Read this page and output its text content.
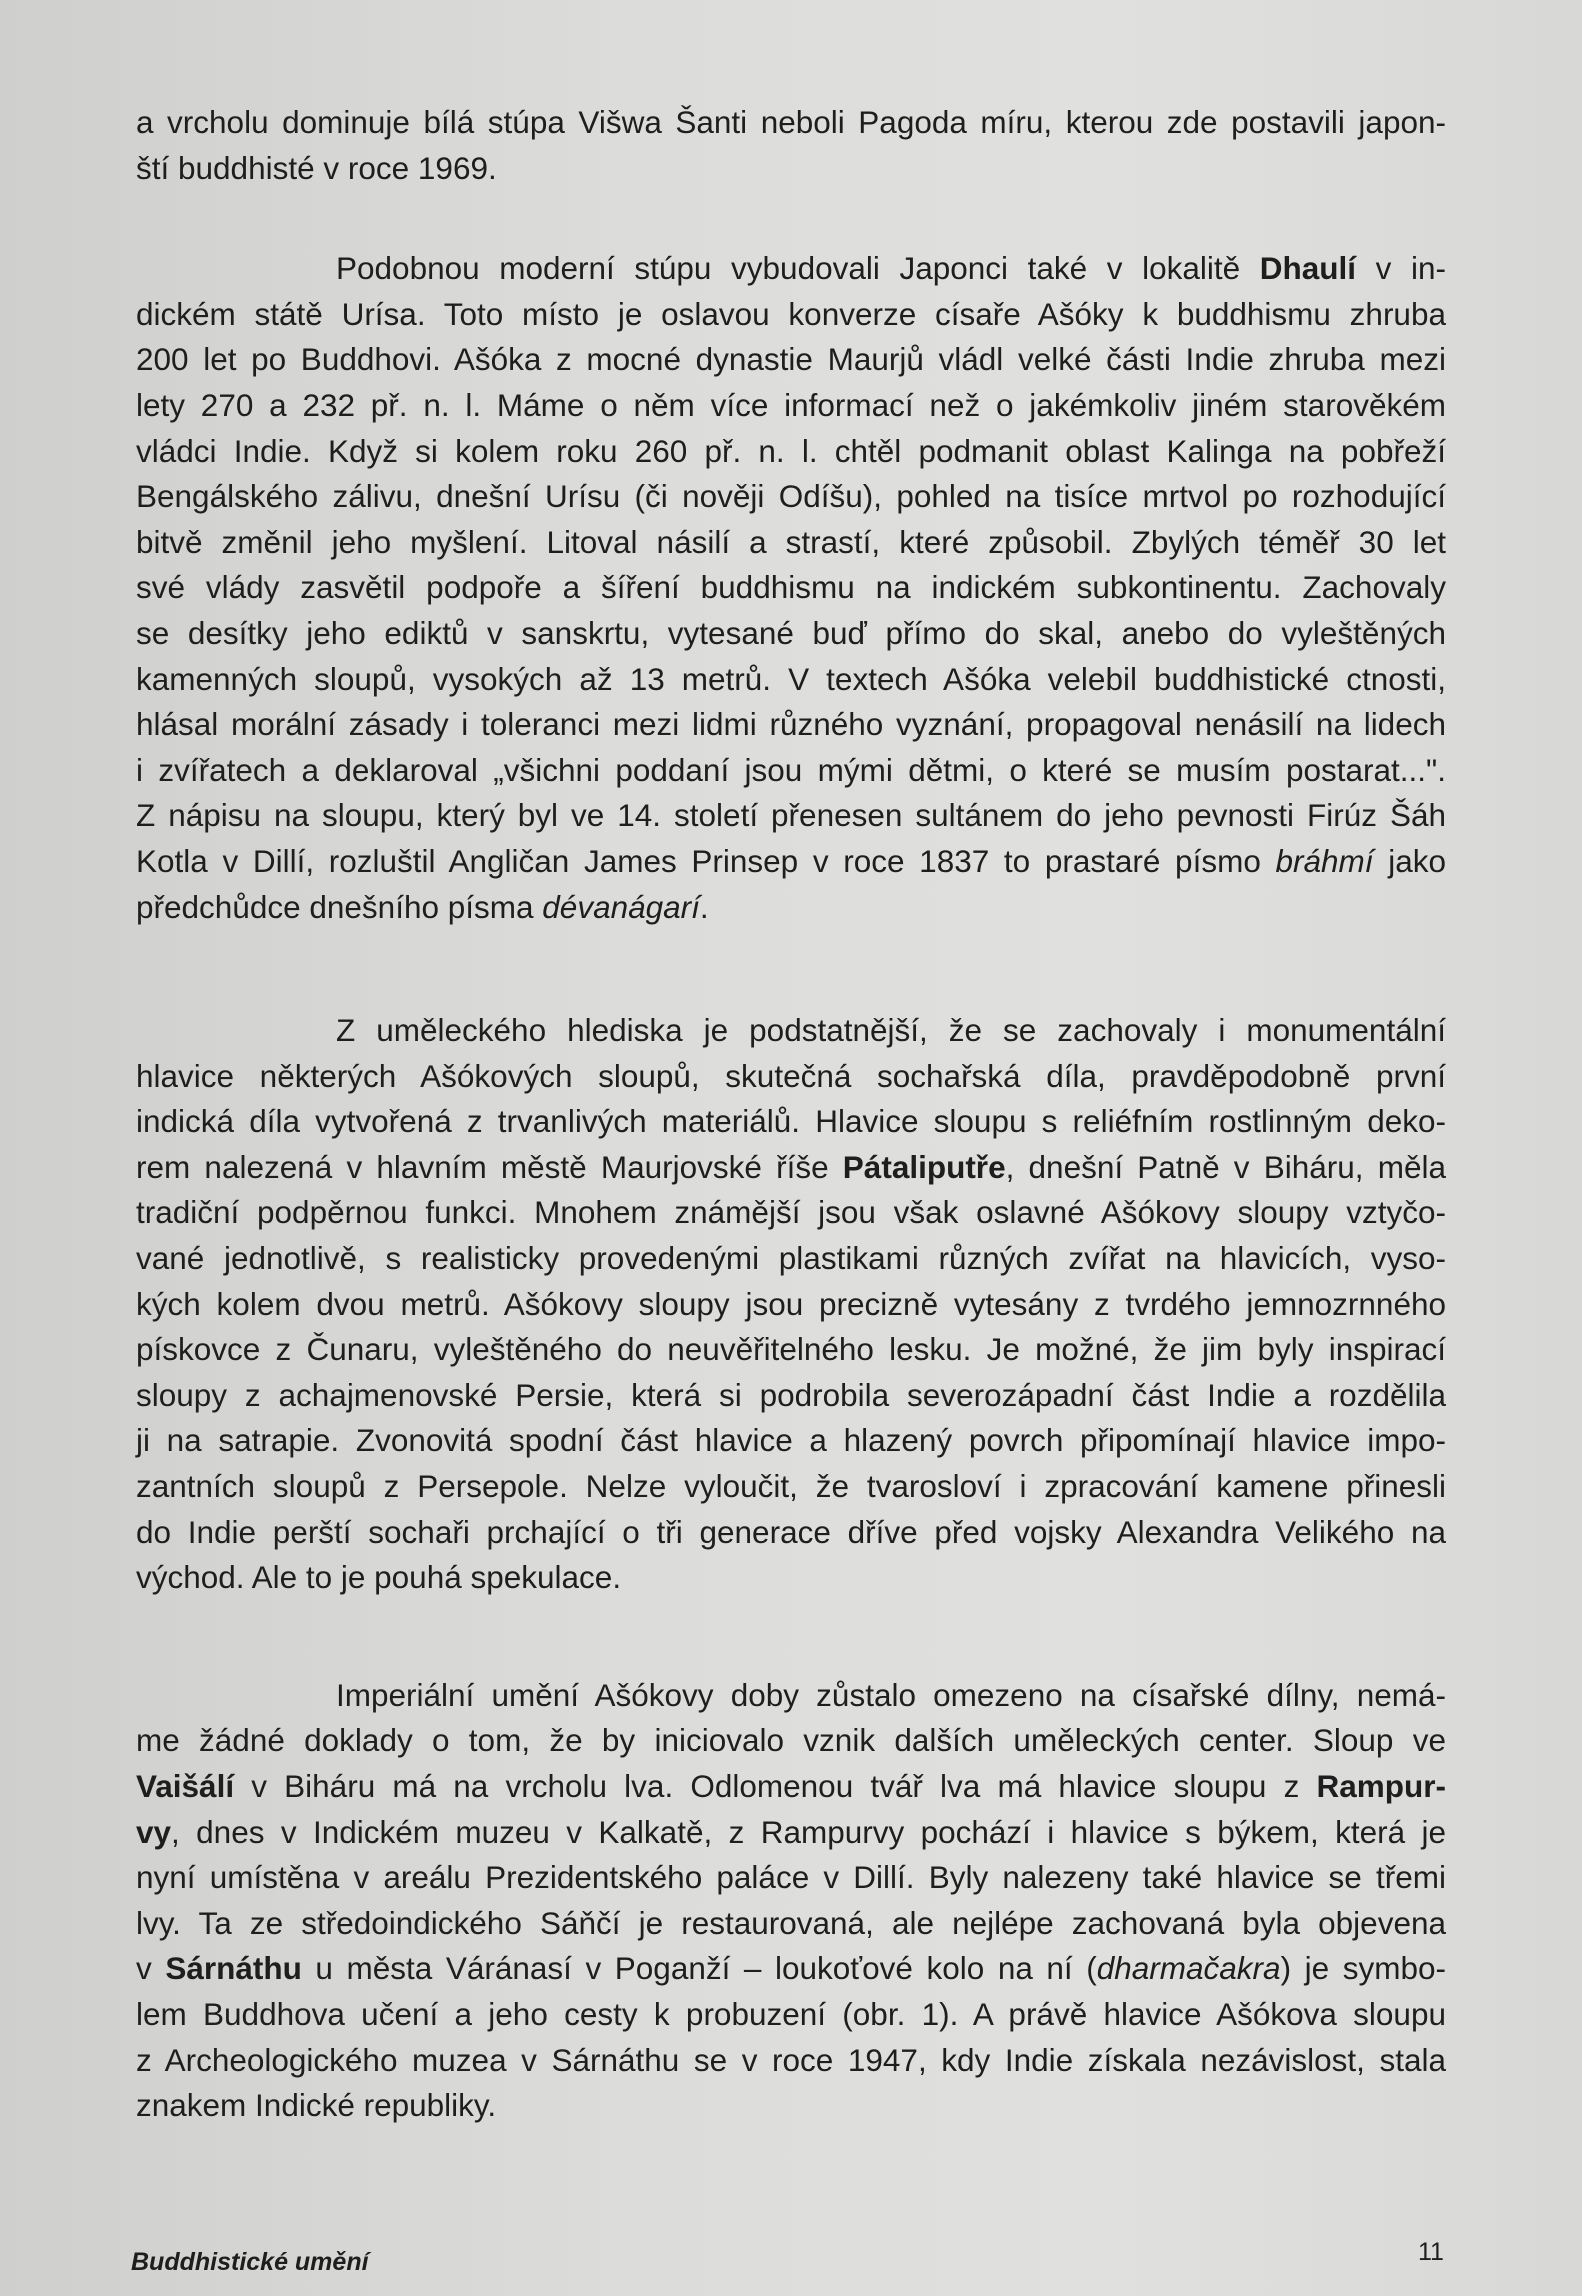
a vrcholu dominuje bílá stúpa Višwa Šanti neboli Pagoda míru, kterou zde postavili japon-
ští buddhisté v roce 1969.

Podobnou moderní stúpu vybudovali Japonci také v lokalitě Dhaulí v in-
dickém státě Urísa. Toto místo je oslavou konverze císaře Ašóky k buddhismu zhruba
200 let po Buddhovi. Ašóka z mocné dynastie Maurjů vládl velké části Indie zhruba mezi
lety 270 a 232 př. n. l. Máme o něm více informací než o jakémkoliv jiném starověkém
vládci Indie. Když si kolem roku 260 př. n. l. chtěl podmanit oblast Kalinga na pobřeží
Bengálského zálivu, dnešní Urísu (či nověji Odíšu), pohled na tisíce mrtvol po rozhodující
bitvě změnil jeho myšlení. Litoval násilí a strastí, které způsobil. Zbylých téměř 30 let
své vlády zasvětil podpoře a šíření buddhismu na indickém subkontinentu. Zachovaly
se desítky jeho ediktů v sanskrtu, vytesané buď přímo do skal, anebo do vyleštěných
kamenných sloupů, vysokých až 13 metrů. V textech Ašóka velebil buddhistické ctnosti,
hlásal morální zásady i toleranci mezi lidmi různého vyznání, propagoval nenásilí na lidech
i zvířatech a deklaroval „všichni poddaní jsou mými dětmi, o které se musím postarat...".
Z nápisu na sloupu, který byl ve 14. století přenesen sultánem do jeho pevnosti Firúz Šáh
Kotla v Dillí, rozluštil Angličan James Prinsep v roce 1837 to prastaré písmo bráhmí jako
předchůdce dnešního písma dévanágarí.

Z uměleckého hlediska je podstatnější, že se zachovaly i monumentální
hlavice některých Ašókových sloupů, skutečná sochařská díla, pravděpodobně první
indická díla vytvořená z trvanlivých materiálů. Hlavice sloupu s reliéfním rostlinným deko-
rem nalezená v hlavním městě Maurjovské říše Pátaliputře, dnešní Patně v Biháru, měla
tradiční podpěrnou funkci. Mnohem známější jsou však oslavné Ašókovy sloupy vztyčo-
vané jednotlivě, s realisticky provedenými plastikami různých zvířat na hlavicích, vyso-
kých kolem dvou metrů. Ašókovy sloupy jsou precizně vytesány z tvrdého jemnozrnného
pískovce z Čunaru, vyleštěného do neuvěřitelného lesku. Je možné, že jim byly inspirací
sloupy z achajmenovské Persie, která si podrobila severozápadní část Indie a rozdělila
ji na satrapie. Zvonovitá spodní část hlavice a hlazený povrch připomínají hlavice impo-
zantních sloupů z Persepole. Nelze vyloučit, že tvarosloví i zpracování kamene přinesli
do Indie perští sochaři prchající o tři generace dříve před vojsky Alexandra Velikého na
východ. Ale to je pouhá spekulace.

Imperiální umění Ašókovy doby zůstalo omezeno na císařské dílny, nemá-
me žádné doklady o tom, že by iniciovalo vznik dalších uměleckých center. Sloup ve
Vaišálí v Biháru má na vrcholu lva. Odlomenou tvář lva má hlavice sloupu z Rampur-
vy, dnes v Indickém muzeu v Kalkatě, z Rampurvy pochází i hlavice s býkem, která je
nyní umístěna v areálu Prezidentského paláce v Dillí. Byly nalezeny také hlavice se třemi
lvy. Ta ze středoindického Sáňčí je restaurovaná, ale nejlépe zachovaná byla objevena
v Sárnáthu u města Váránasí v Poganží – loukoťové kolo na ní (dharmačakra) je symbo-
lem Buddhova učení a jeho cesty k probuzení (obr. 1). A právě hlavice Ašókova sloupu
z Archeologického muzea v Sárnáthu se v roce 1947, kdy Indie získala nezávislost, stala
znakem Indické republiky.

Buddhistické umění	11
